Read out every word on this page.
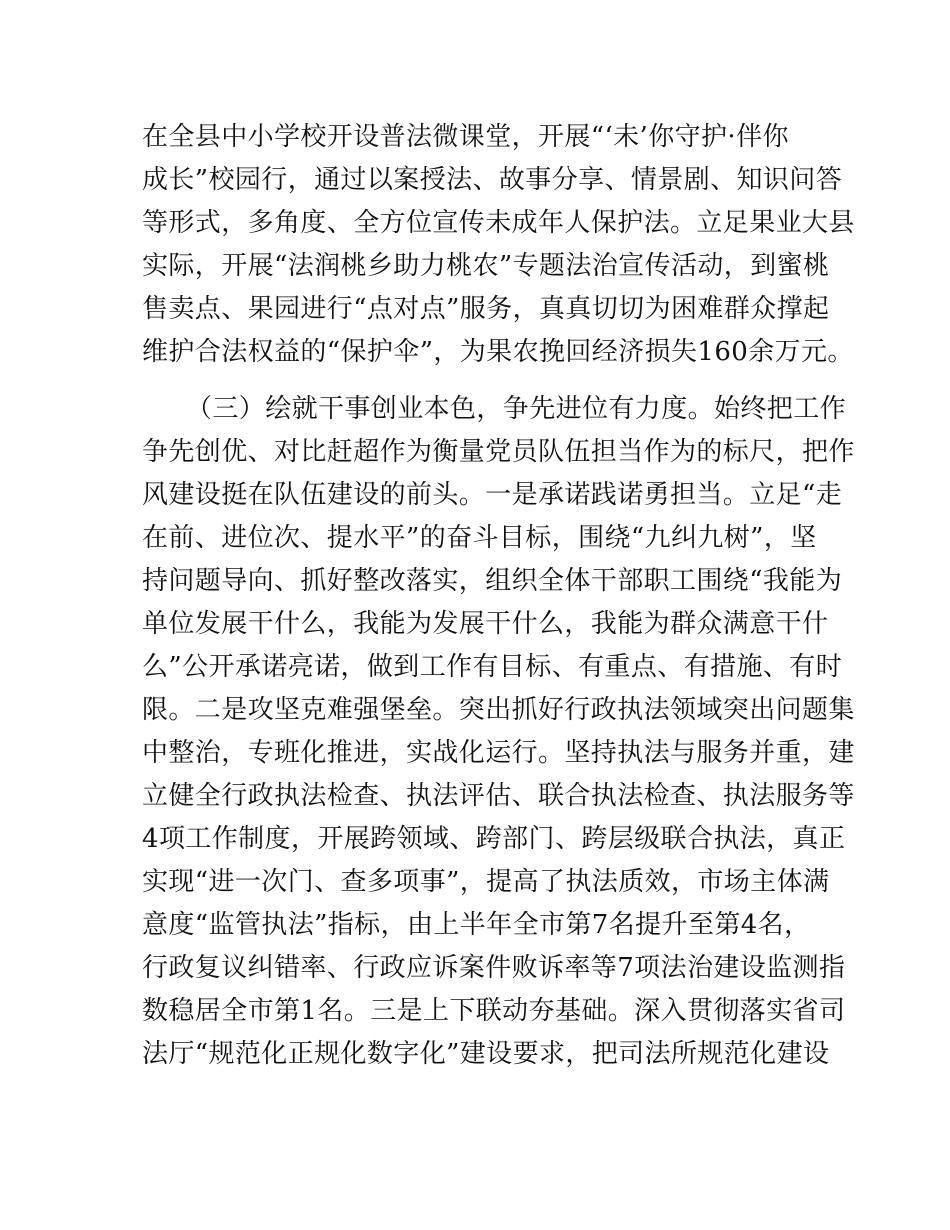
在全县中小学校开设普法微课堂，开展“‘未’你守护·伴你
成长”校园行，通过以案授法、故事分享、情景剧、知识问答
等形式，多角度、全方位宣传未成年人保护法。立足果业大县
实际，开展“法润桃乡助力桃农”专题法治宣传活动，到蜜桃
售卖点、果园进行“点对点”服务，真真切切为困难群众撑起
维护合法权益的“保护伞”，为果农挽回经济损失160余万元。
（三）绘就干事创业本色，争先进位有力度。始终把工作
争先创优、对比赶超作为衡量党员队伍担当作为的标尺，把作
风建设挺在队伍建设的前头。一是承诺践诺勇担当。立足“走
在前、进位次、提水平”的奋斗目标，围绕“九纠九树”，坚
持问题导向、抓好整改落实，组织全体干部职工围绕“我能为
单位发展干什么，我能为发展干什么，我能为群众满意干什
么”公开承诺亮诺，做到工作有目标、有重点、有措施、有时
限。二是攻坚克难强堡垒。突出抓好行政执法领域突出问题集
中整治，专班化推进，实战化运行。坚持执法与服务并重，建
立健全行政执法检查、执法评估、联合执法检查、执法服务等
4项工作制度，开展跨领域、跨部门、跨层级联合执法，真正
实现“进一次门、查多项事”，提高了执法质效，市场主体满
意度“监管执法”指标，由上半年全市第7名提升至第4名，
行政复议纠错率、行政应诉案件败诉率等7项法治建设监测指
数稳居全市第1名。三是上下联动夯基础。深入贯彻落实省司
法厅“规范化正规化数字化”建设要求，把司法所规范化建设
